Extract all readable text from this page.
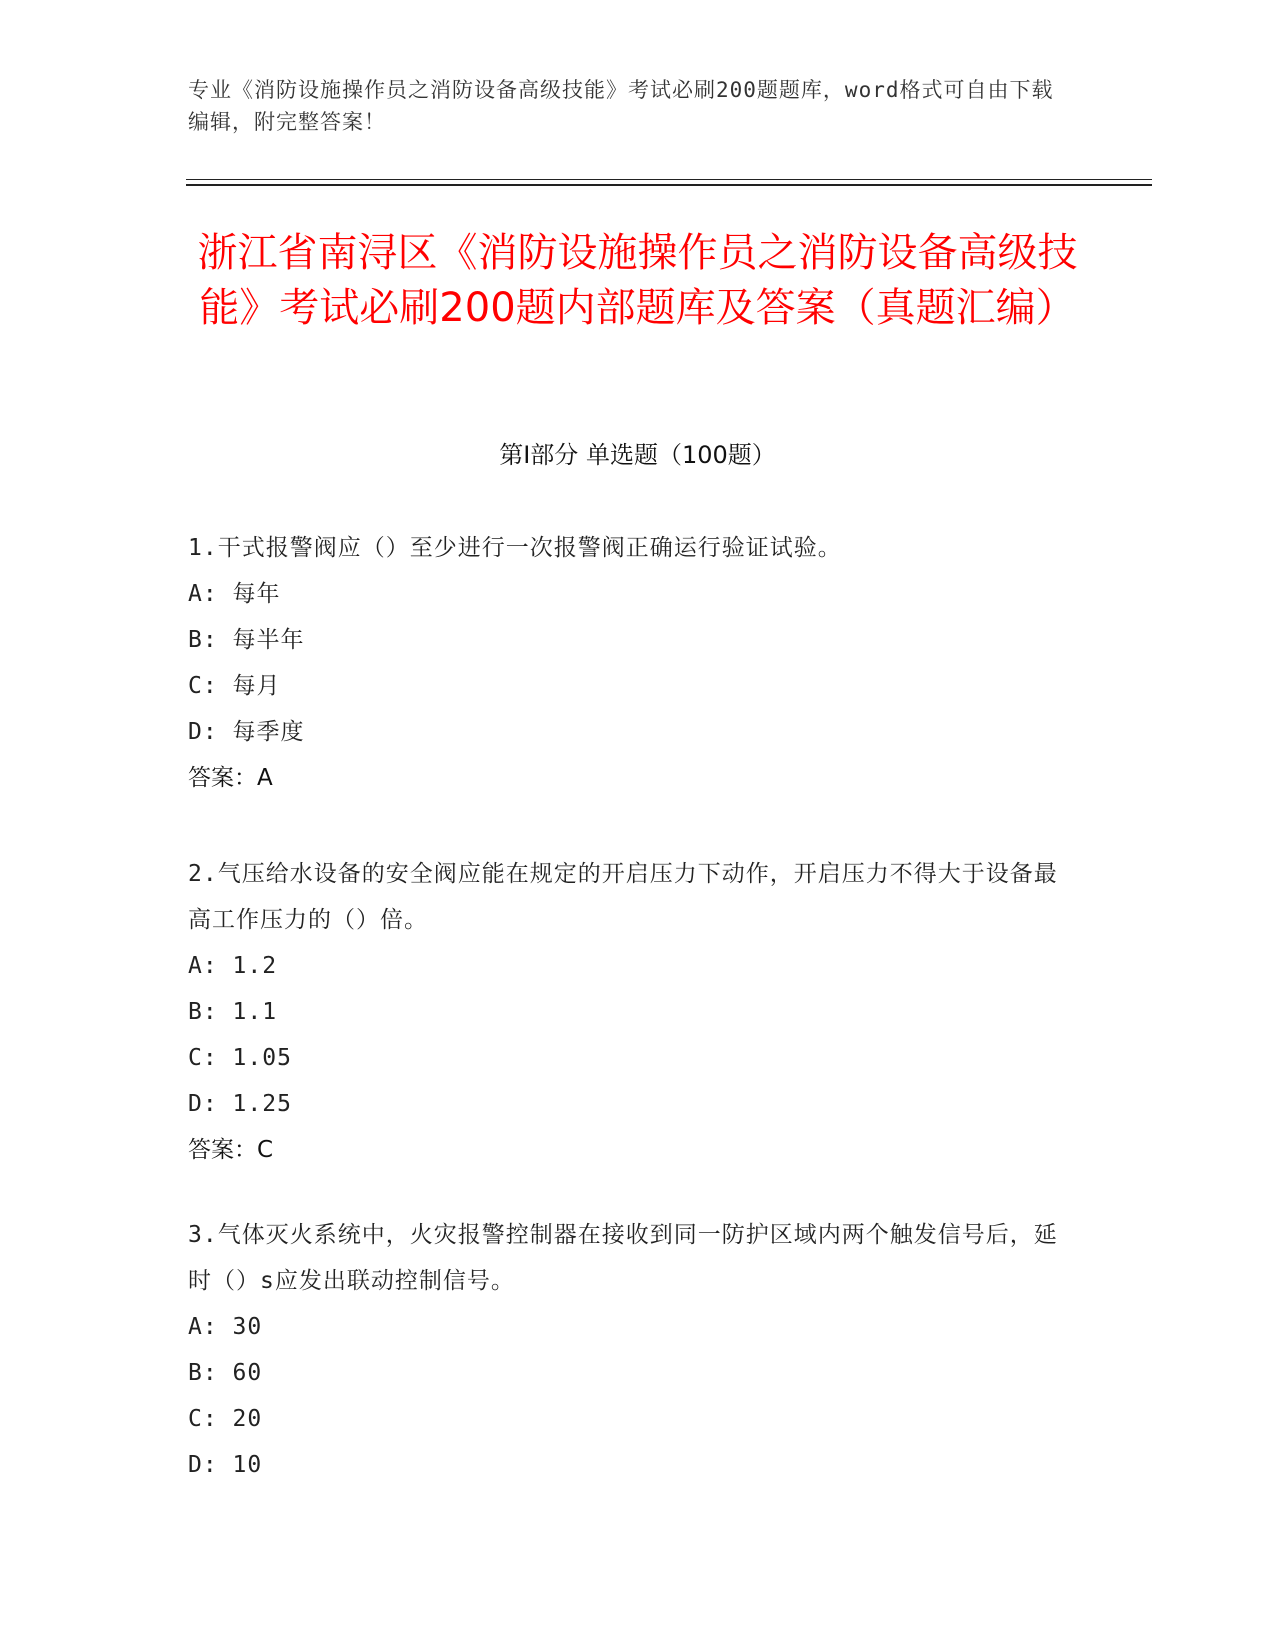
专业《消防设施操作员之消防设备高级技能》考试必刷200题题库，word格式可自由下载编辑，附完整答案！
浙江省南浔区《消防设施操作员之消防设备高级技能》考试必刷200题内部题库及答案（真题汇编）
第I部分 单选题（100题）
1.干式报警阀应（）至少进行一次报警阀正确运行验证试验。
A: 每年
B: 每半年
C: 每月
D: 每季度
答案：A
2.气压给水设备的安全阀应能在规定的开启压力下动作，开启压力不得大于设备最高工作压力的（）倍。
A: 1.2
B: 1.1
C: 1.05
D: 1.25
答案：C
3.气体灭火系统中，火灾报警控制器在接收到同一防护区域内两个触发信号后，延时（）s应发出联动控制信号。
A: 30
B: 60
C: 20
D: 10
